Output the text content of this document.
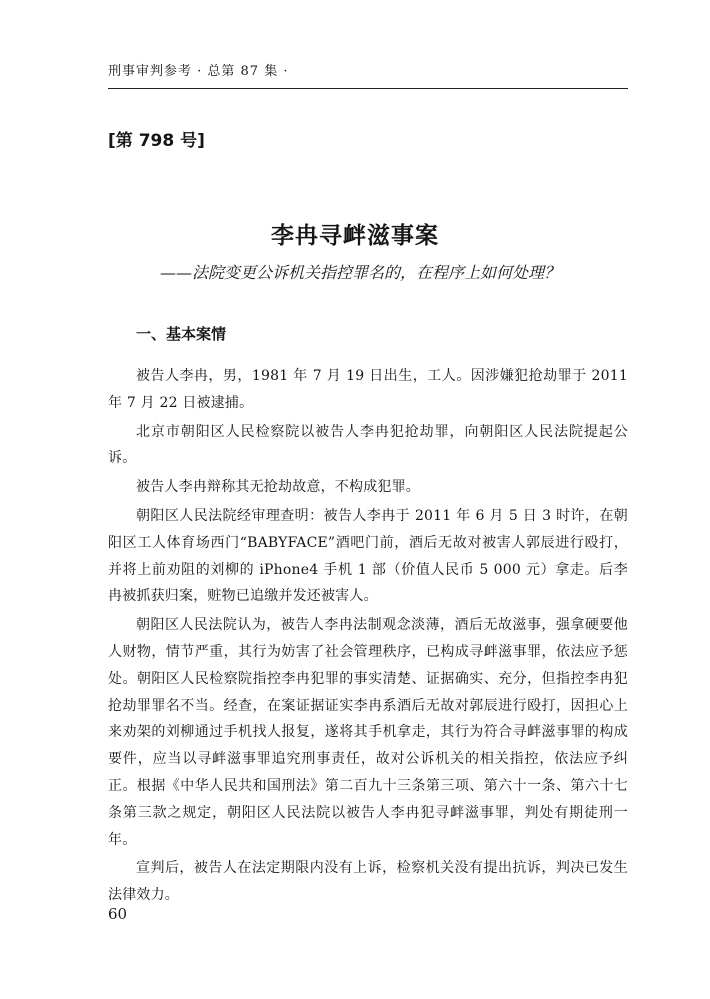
刑事审判参考 · 总第 87 集 ·
[第 798 号]
李冉寻衅滋事案
——法院变更公诉机关指控罪名的，在程序上如何处理？
一、基本案情

被告人李冉，男，1981 年 7 月 19 日出生，工人。因涉嫌犯抢劫罪于 2011 年 7 月 22 日被逮捕。

北京市朝阳区人民检察院以被告人李冉犯抢劫罪，向朝阳区人民法院提起公诉。

被告人李冉辩称其无抢劫故意，不构成犯罪。

朝阳区人民法院经审理查明：被告人李冉于 2011 年 6 月 5 日 3 时许，在朝阳区工人体育场西门“BABYFACE”酒吧门前，酒后无故对被害人郭辰进行殴打，并将上前劝阻的刘柳的 iPhone4 手机 1 部（价值人民币 5 000 元）拿走。后李冉被抓获归案，赃物已追缴并发还被害人。

朝阳区人民法院认为，被告人李冉法制观念淡薄，酒后无故滋事，强拿硬要他人财物，情节严重，其行为妨害了社会管理秩序，已构成寻衅滋事罪，依法应予惩处。朝阳区人民检察院指控李冉犯罪的事实清楚、证据确实、充分，但指控李冉犯抢劫罪罪名不当。经查，在案证据证实李冉系酒后无故对郭辰进行殴打，因担心上来劝架的刘柳通过手机找人报复，遂将其手机拿走，其行为符合寻衅滋事罪的构成要件，应当以寻衅滋事罪追究刑事责任，故对公诉机关的相关指控，依法应予纠正。根据《中华人民共和国刑法》第二百九十三条第三项、第六十一条、第六十七条第三款之规定，朝阳区人民法院以被告人李冉犯寻衅滋事罪，判处有期徒刑一年。

宣判后，被告人在法定期限内没有上诉，检察机关没有提出抗诉，判决已发生法律效力。

60
